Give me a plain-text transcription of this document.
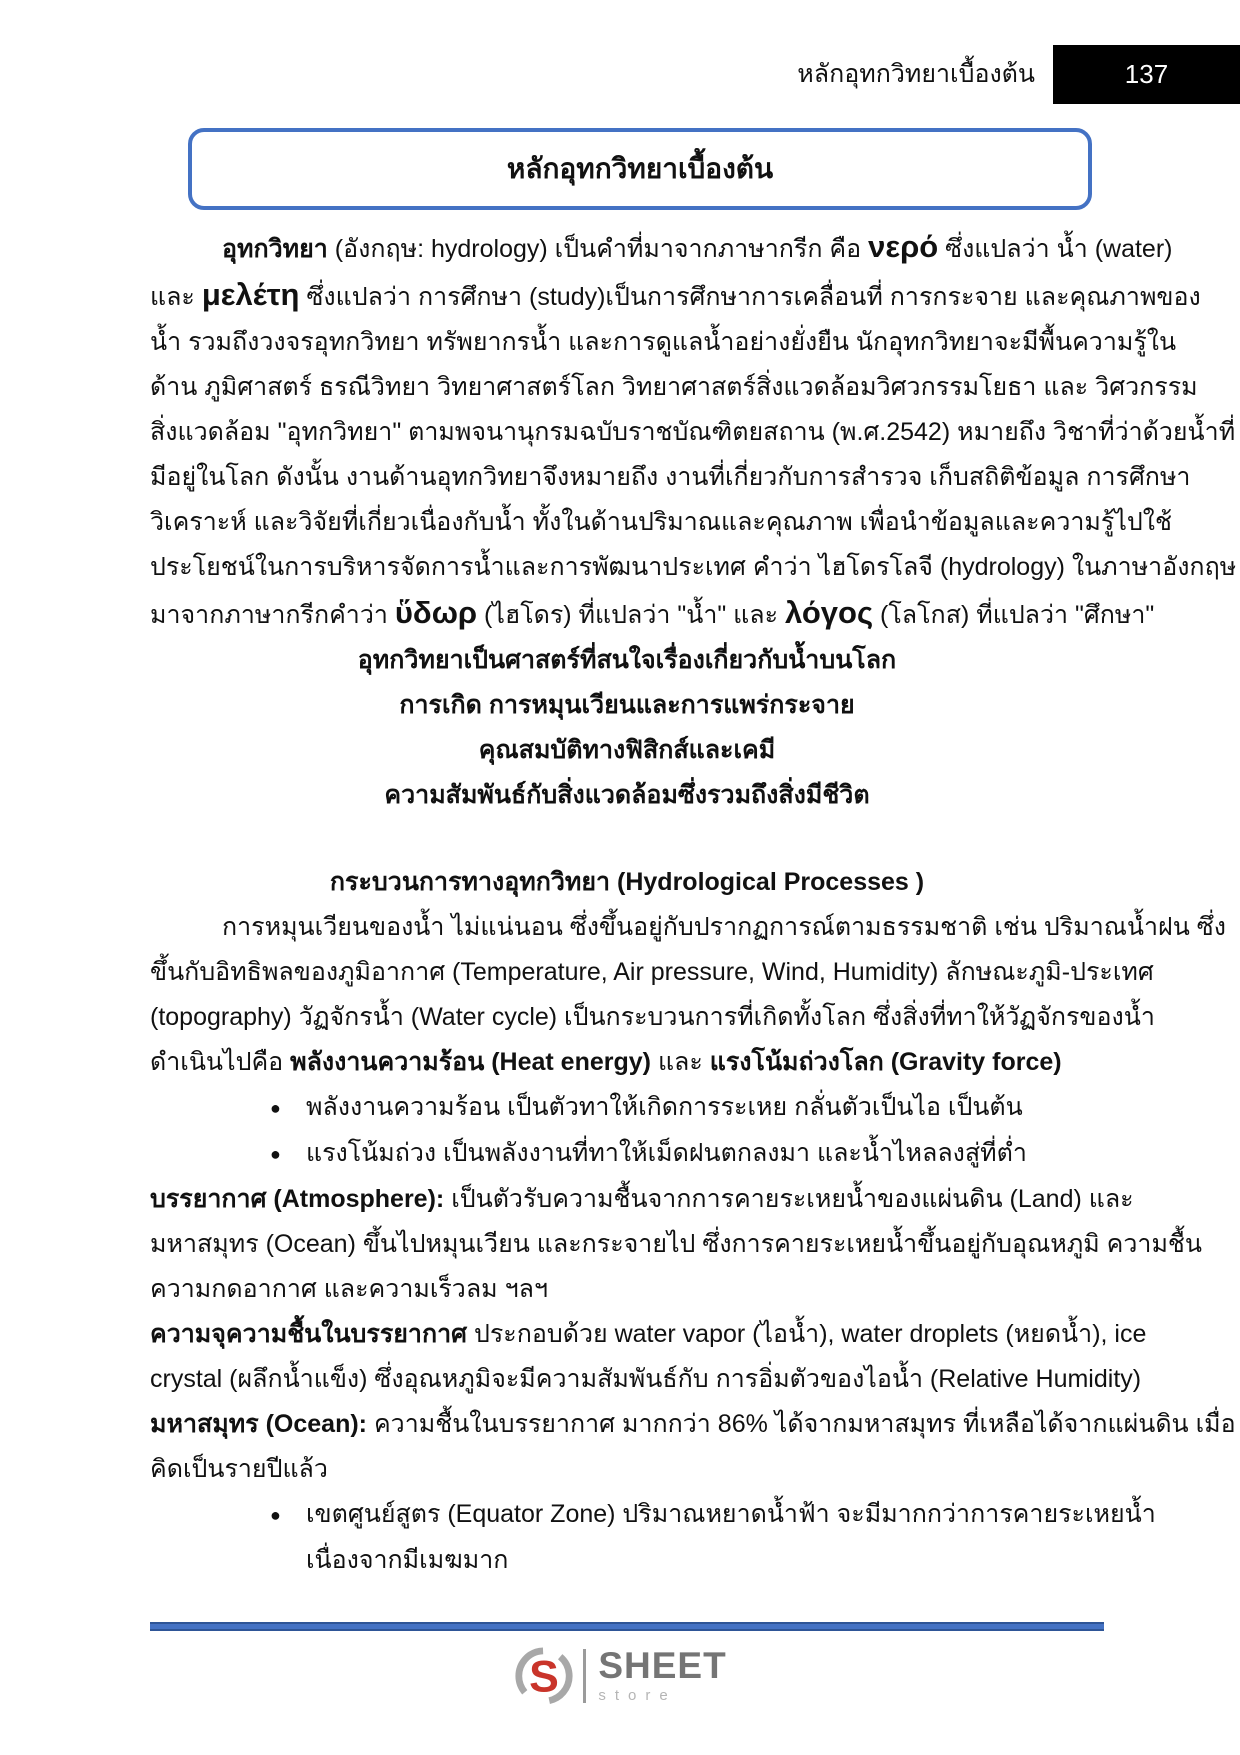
หลักอุทกวิทยาเบื้องต้น	137
หลักอุทกวิทยาเบื้องต้น
อุทกวิทยา (อังกฤษ: hydrology) เป็นคำที่มาจากภาษากรีก คือ νερό ซึ่งแปลว่า น้ำ (water)
และ μελέτη ซึ่งแปลว่า การศึกษา (study)เป็นการศึกษาการเคลื่อนที่ การกระจาย และคุณภาพของ
น้ำ รวมถึงวงจรอุทกวิทยา ทรัพยากรน้ำ และการดูแลน้ำอย่างยั่งยืน นักอุทกวิทยาจะมีพื้นความรู้ใน
ด้าน ภูมิศาสตร์ ธรณีวิทยา วิทยาศาสตร์โลก วิทยาศาสตร์สิ่งแวดล้อมวิศวกรรมโยธา และ วิศวกรรม
สิ่งแวดล้อม "อุทกวิทยา" ตามพจนานุกรมฉบับราชบัณฑิตยสถาน (พ.ศ.2542) หมายถึง วิชาที่ว่าด้วยน้ำที่
มีอยู่ในโลก ดังนั้น งานด้านอุทกวิทยาจึงหมายถึง งานที่เกี่ยวกับการสำรวจ เก็บสถิติข้อมูล การศึกษา
วิเคราะห์ และวิจัยที่เกี่ยวเนื่องกับน้ำ ทั้งในด้านปริมาณและคุณภาพ เพื่อนำข้อมูลและความรู้ไปใช้
ประโยชน์ในการบริหารจัดการน้ำและการพัฒนาประเทศ คำว่า ไฮโดรโลจี (hydrology) ในภาษาอังกฤษ
มาจากภาษากรีกคำว่า ὕδωρ (ไฮโดร) ที่แปลว่า "น้ำ" และ λόγος (โลโกส) ที่แปลว่า "ศึกษา"
อุทกวิทยาเป็นศาสตร์ที่สนใจเรื่องเกี่ยวกับน้ำบนโลก
การเกิด การหมุนเวียนและการแพร่กระจาย
คุณสมบัติทางฟิสิกส์และเคมี
ความสัมพันธ์กับสิ่งแวดล้อมซึ่งรวมถึงสิ่งมีชีวิต
กระบวนการทางอุทกวิทยา (Hydrological Processes )
การหมุนเวียนของน้ำ ไม่แน่นอน ซึ่งขึ้นอยู่กับปรากฏการณ์ตามธรรมชาติ เช่น ปริมาณน้ำฝน ซึ่ง
ขึ้นกับอิทธิพลของภูมิอากาศ (Temperature, Air pressure, Wind, Humidity) ลักษณะภูมิ-ประเทศ
(topography) วัฏจักรน้ำ (Water cycle) เป็นกระบวนการที่เกิดทั้งโลก ซึ่งสิ่งที่ทาให้วัฏจักรของน้ำ
ดำเนินไปคือ พลังงานความร้อน (Heat energy) และ แรงโน้มถ่วงโลก (Gravity force)
● พลังงานความร้อน เป็นตัวทาให้เกิดการระเหย กลั่นตัวเป็นไอ เป็นต้น
● แรงโน้มถ่วง เป็นพลังงานที่ทาให้เม็ดฝนตกลงมา และน้ำไหลลงสู่ที่ต่ำ
บรรยากาศ (Atmosphere): เป็นตัวรับความชื้นจากการคายระเหยน้ำของแผ่นดิน (Land) และ
มหาสมุทร (Ocean) ขึ้นไปหมุนเวียน และกระจายไป ซึ่งการคายระเหยน้ำขึ้นอยู่กับอุณหภูมิ ความชื้น
ความกดอากาศ และความเร็วลม ฯลฯ
ความจุความชื้นในบรรยากาศ ประกอบด้วย water vapor (ไอน้ำ), water droplets (หยดน้ำ), ice
crystal (ผลึกน้ำแข็ง) ซึ่งอุณหภูมิจะมีความสัมพันธ์กับ การอิ่มตัวของไอน้ำ (Relative Humidity)
มหาสมุทร (Ocean): ความชื้นในบรรยากาศ มากกว่า 86% ได้จากมหาสมุทร ที่เหลือได้จากแผ่นดิน เมื่อ
คิดเป็นรายปีแล้ว
● เขตศูนย์สูตร (Equator Zone) ปริมาณหยาดน้ำฟ้า จะมีมากกว่าการคายระเหยน้ำ
เนื่องจากมีเมฆมาก
S SHEET
store
